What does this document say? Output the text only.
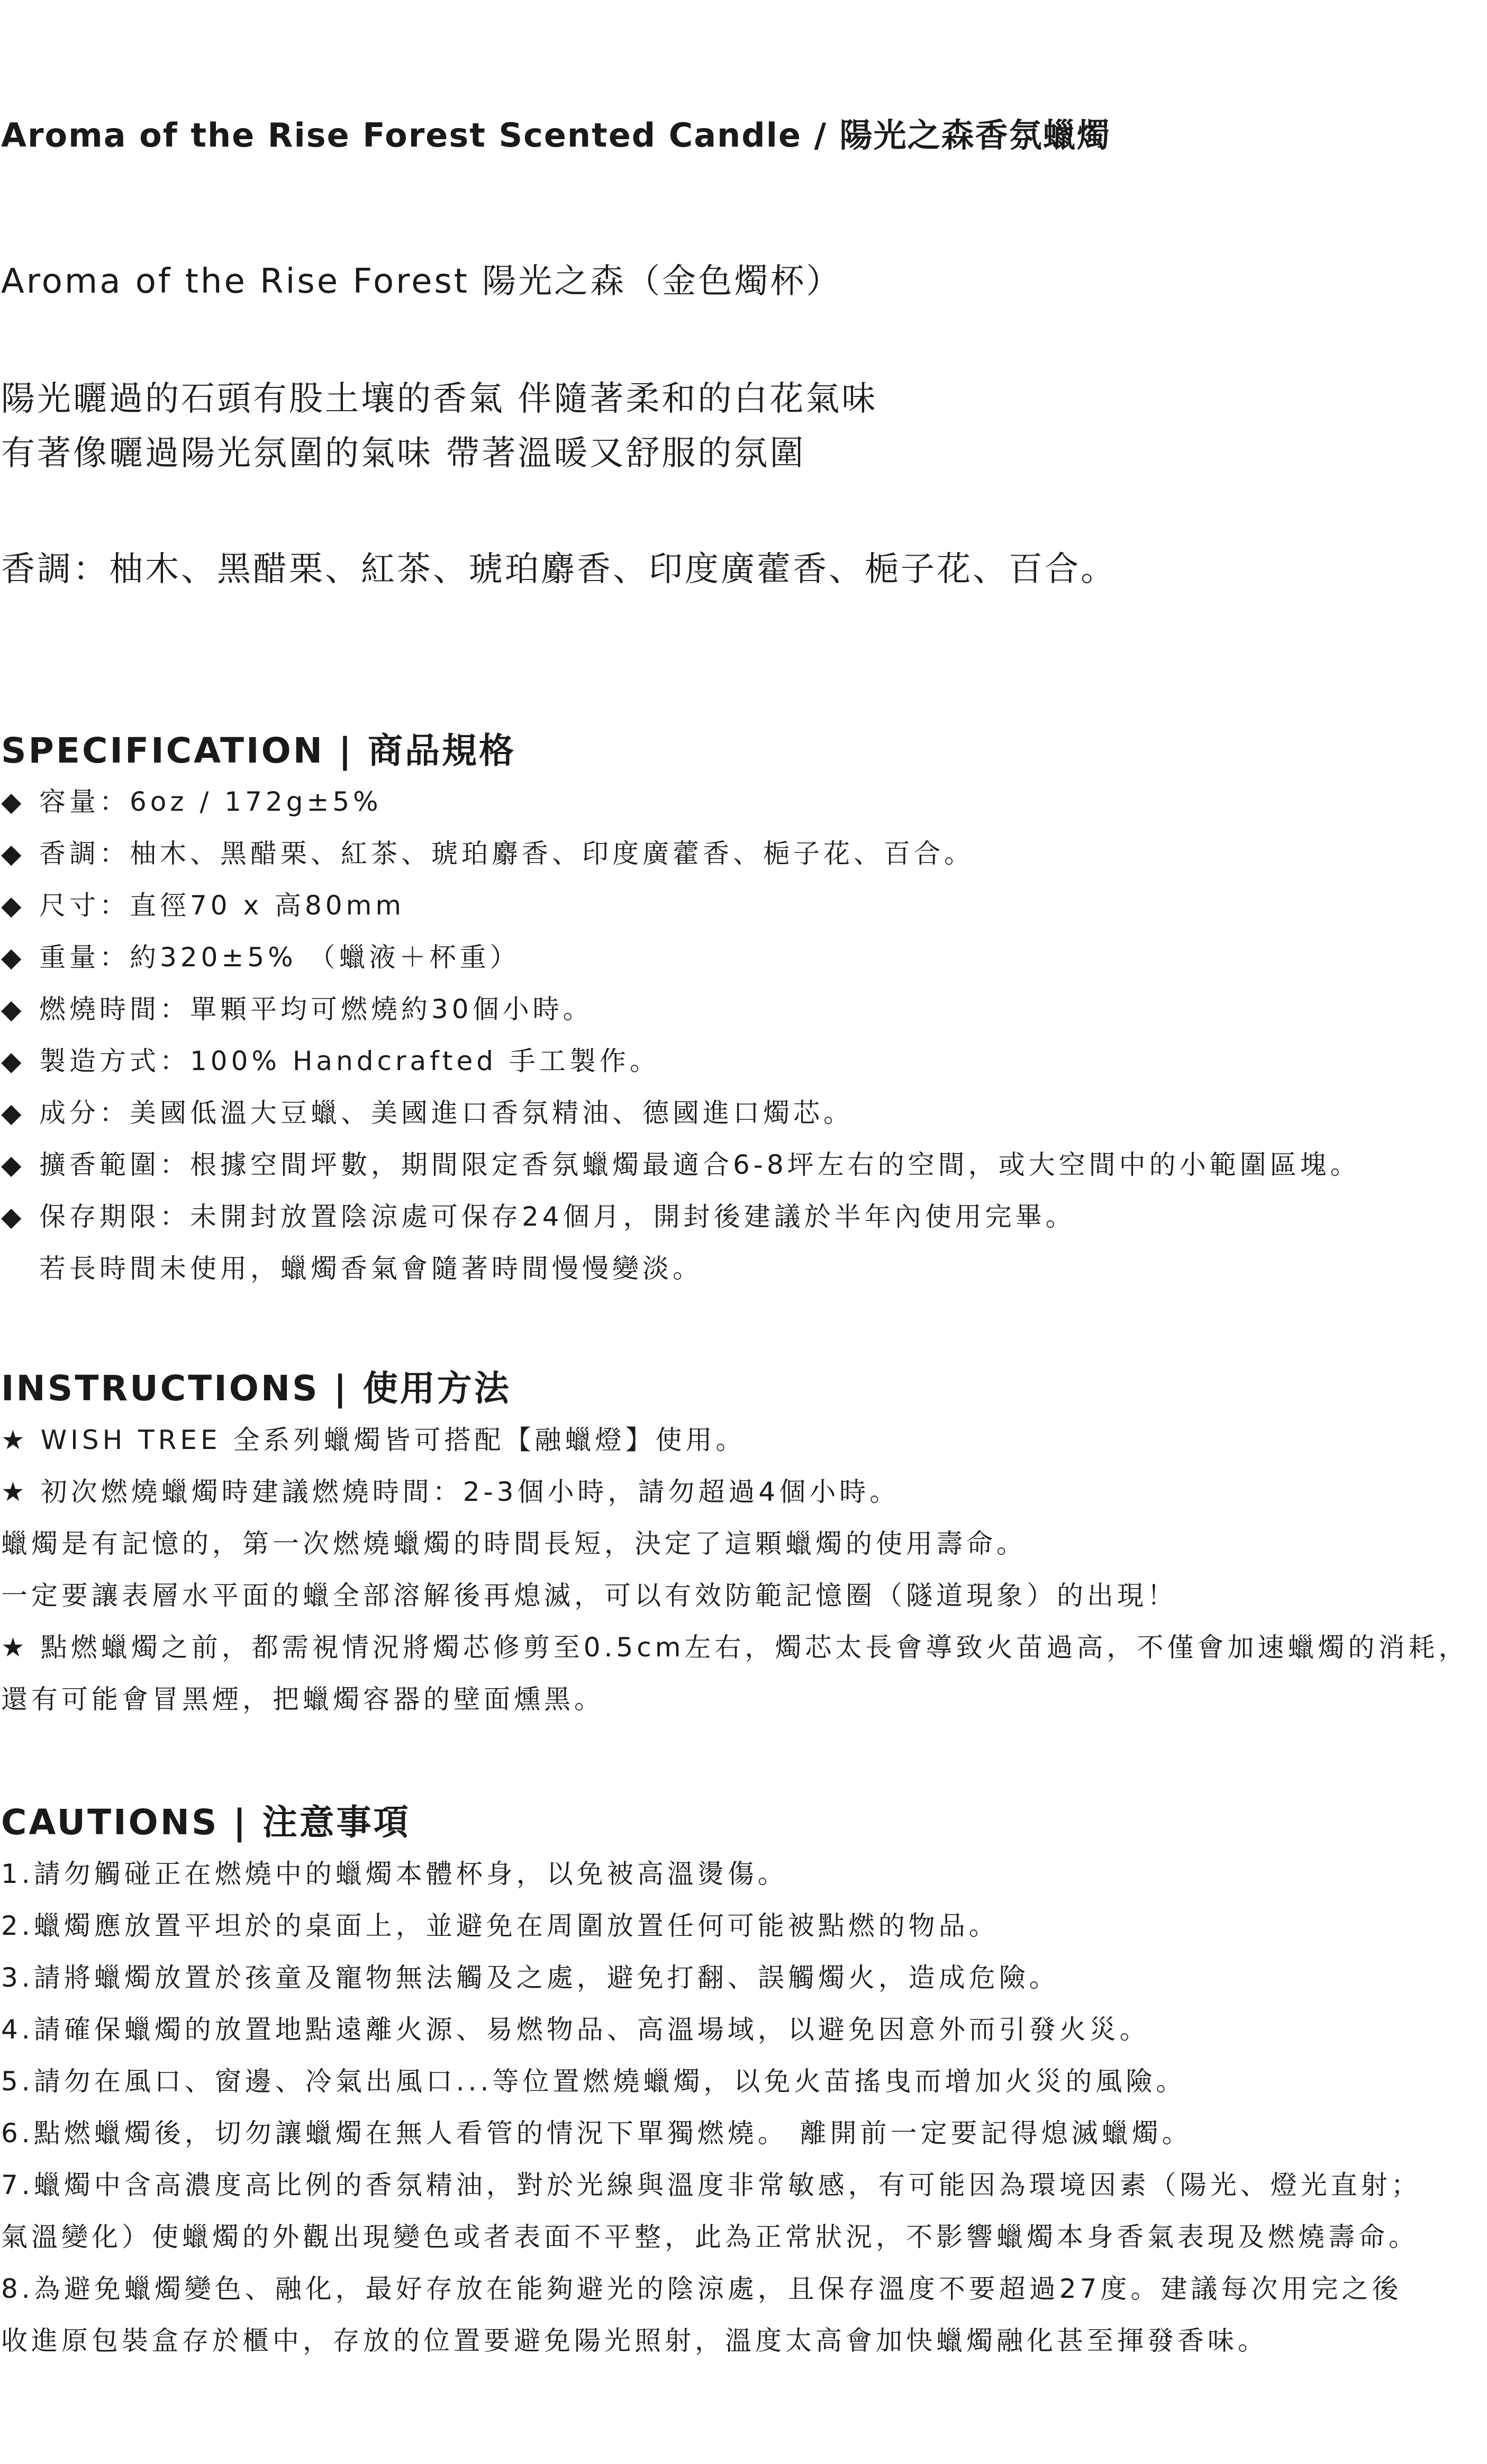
Aroma of the Rise Forest Scented Candle / 陽光之森香氛蠟燭
Aroma of the Rise Forest 陽光之森（金色燭杯）
陽光曬過的石頭有股土壤的香氣 伴隨著柔和的白花氣味
有著像曬過陽光氛圍的氣味 帶著溫暖又舒服的氛圍
香調：柚木、黑醋栗、紅茶、琥珀麝香、印度廣藿香、梔子花、百合。
SPECIFICATION | 商品規格
◆ 容量：6oz / 172g±5%
◆ 香調：柚木、黑醋栗、紅茶、琥珀麝香、印度廣藿香、梔子花、百合。
◆ 尺寸：直徑70 x 高80mm
◆ 重量：約320±5% （蠟液＋杯重）
◆ 燃燒時間：單顆平均可燃燒約30個小時。
◆ 製造方式：100% Handcrafted 手工製作。
◆ 成分：美國低溫大豆蠟、美國進口香氛精油、德國進口燭芯。
◆ 擴香範圍：根據空間坪數，期間限定香氛蠟燭最適合6-8坪左右的空間，或大空間中的小範圍區塊。
◆ 保存期限：未開封放置陰涼處可保存24個月，開封後建議於半年內使用完畢。
若長時間未使用，蠟燭香氣會隨著時間慢慢變淡。
INSTRUCTIONS | 使用方法
★ WISH TREE 全系列蠟燭皆可搭配【融蠟燈】使用。
★ 初次燃燒蠟燭時建議燃燒時間：2-3個小時，請勿超過4個小時。
蠟燭是有記憶的，第一次燃燒蠟燭的時間長短，決定了這顆蠟燭的使用壽命。
一定要讓表層水平面的蠟全部溶解後再熄滅，可以有效防範記憶圈（隧道現象）的出現！
★ 點燃蠟燭之前，都需視情況將燭芯修剪至0.5cm左右，燭芯太長會導致火苗過高，不僅會加速蠟燭的消耗，
還有可能會冒黑煙，把蠟燭容器的壁面燻黑。
CAUTIONS | 注意事項
1.請勿觸碰正在燃燒中的蠟燭本體杯身，以免被高溫燙傷。
2.蠟燭應放置平坦於的桌面上，並避免在周圍放置任何可能被點燃的物品。
3.請將蠟燭放置於孩童及寵物無法觸及之處，避免打翻、誤觸燭火，造成危險。
4.請確保蠟燭的放置地點遠離火源、易燃物品、高溫場域，以避免因意外而引發火災。
5.請勿在風口、窗邊、冷氣出風口...等位置燃燒蠟燭，以免火苗搖曳而增加火災的風險。
6.點燃蠟燭後，切勿讓蠟燭在無人看管的情況下單獨燃燒。 離開前一定要記得熄滅蠟燭。
7.蠟燭中含高濃度高比例的香氛精油，對於光線與溫度非常敏感，有可能因為環境因素（陽光、燈光直射；
氣溫變化）使蠟燭的外觀出現變色或者表面不平整，此為正常狀況，不影響蠟燭本身香氣表現及燃燒壽命。
8.為避免蠟燭變色、融化，最好存放在能夠避光的陰涼處，且保存溫度不要超過27度。建議每次用完之後
收進原包裝盒存於櫃中，存放的位置要避免陽光照射，溫度太高會加快蠟燭融化甚至揮發香味。
